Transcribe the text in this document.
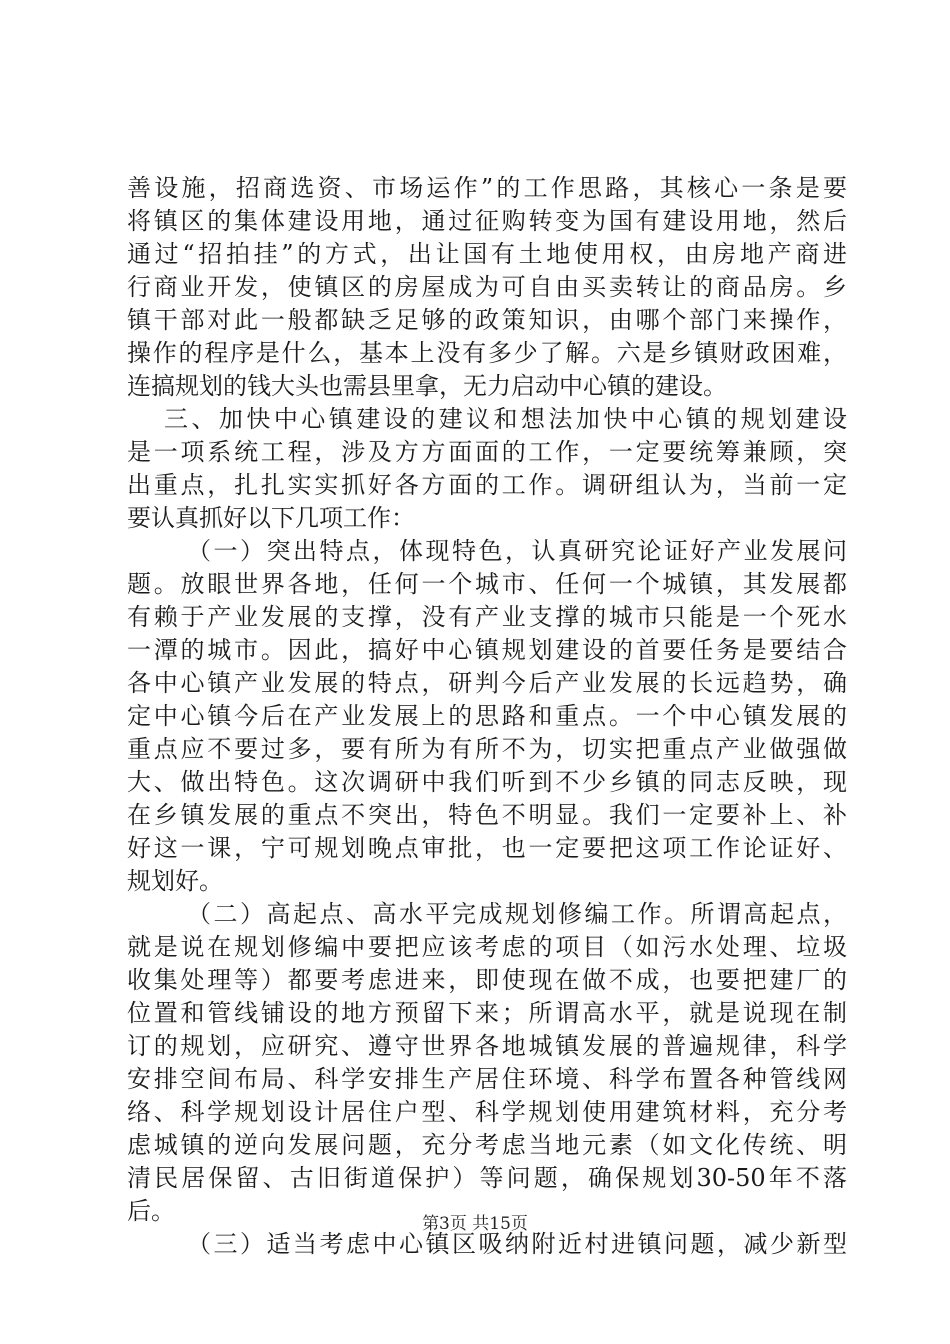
善设施，招商选资、市场运作”的工作思路，其核心一条是要
将镇区的集体建设用地，通过征购转变为国有建设用地，然后
通过“招拍挂”的方式，出让国有土地使用权，由房地产商进
行商业开发，使镇区的房屋成为可自由买卖转让的商品房。乡
镇干部对此一般都缺乏足够的政策知识，由哪个部门来操作，
操作的程序是什么，基本上没有多少了解。六是乡镇财政困难，
连搞规划的钱大头也需县里拿，无力启动中心镇的建设。
三、加快中心镇建设的建议和想法加快中心镇的规划建设
是一项系统工程，涉及方方面面的工作，一定要统筹兼顾，突
出重点，扎扎实实抓好各方面的工作。调研组认为，当前一定
要认真抓好以下几项工作：
（一）突出特点，体现特色，认真研究论证好产业发展问
题。放眼世界各地，任何一个城市、任何一个城镇，其发展都
有赖于产业发展的支撑，没有产业支撑的城市只能是一个死水
一潭的城市。因此，搞好中心镇规划建设的首要任务是要结合
各中心镇产业发展的特点，研判今后产业发展的长远趋势，确
定中心镇今后在产业发展上的思路和重点。一个中心镇发展的
重点应不要过多，要有所为有所不为，切实把重点产业做强做
大、做出特色。这次调研中我们听到不少乡镇的同志反映，现
在乡镇发展的重点不突出，特色不明显。我们一定要补上、补
好这一课，宁可规划晚点审批，也一定要把这项工作论证好、
规划好。
（二）高起点、高水平完成规划修编工作。所谓高起点，
就是说在规划修编中要把应该考虑的项目（如污水处理、垃圾
收集处理等）都要考虑进来，即使现在做不成，也要把建厂的
位置和管线铺设的地方预留下来；所谓高水平，就是说现在制
订的规划，应研究、遵守世界各地城镇发展的普遍规律，科学
安排空间布局、科学安排生产居住环境、科学布置各种管线网
络、科学规划设计居住户型、科学规划使用建筑材料，充分考
虑城镇的逆向发展问题，充分考虑当地元素（如文化传统、明
清民居保留、古旧街道保护）等问题，确保规划30-50年不落
后。
（三）适当考虑中心镇区吸纳附近村进镇问题，减少新型
第3页 共15页
